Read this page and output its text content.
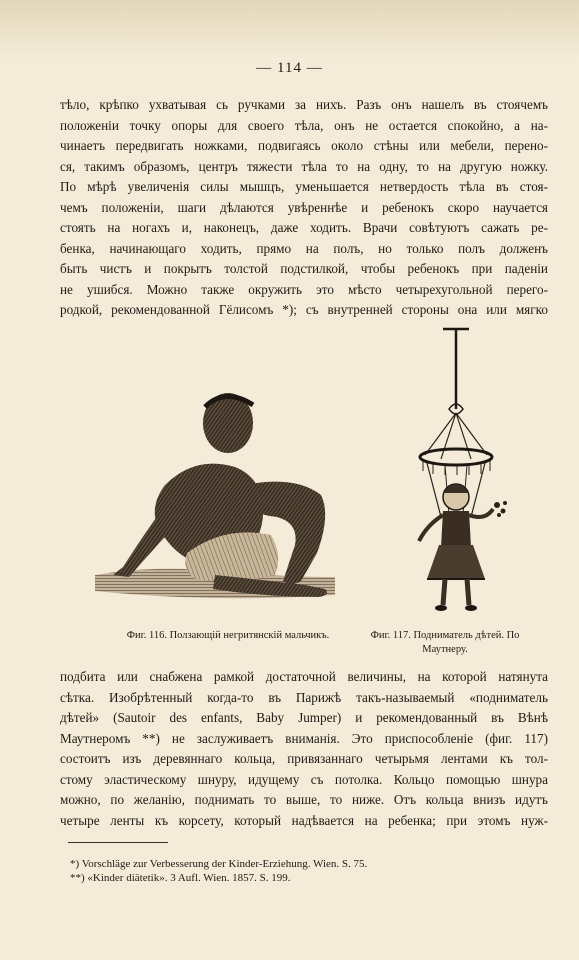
— 114 —
тѣло, крѣпко ухватывая сь ручками за нихъ. Разъ онъ нашелъ въ стоячемъ
положеніи точку опоры для своего тѣла, онъ не остается спокойно, а на-
чинаетъ передвигать ножками, подвигаясь около стѣны или мебели, перено-
ся, такимъ образомъ, центръ тяжести тѣла то на одну, то на другую ножку.
По мѣрѣ увеличенія силы мышцъ, уменьшается нетвердость тѣла въ стоя-
чемъ положеніи, шаги дѣлаются увѣреннѣе и ребенокъ скоро научается
стоять на ногахъ и, наконецъ, даже ходить. Врачи совѣтуютъ сажать ре-
бенка, начинающаго ходить, прямо на полъ, но только полъ долженъ
быть чистъ и покрытъ толстой подстилкой, чтобы ребенокъ при паденіи
не ушибся. Можно также окружить это мѣсто четырехугольной перего-
родкой, рекомендованной Гёлисомъ *); съ внутренней стороны она или мягко
Фиг. 116. Ползающій негритянскій мальчикъ.	Фиг. 117. Подниматель дѣтей. По Маутнеру.
подбита или снабжена рамкой достаточной величины, на которой натянута
сѣтка. Изобрѣтенный когда-то въ Парижѣ такъ-называемый «подниматель
дѣтей» (Sautoir des enfants, Baby Jumper) и рекомендованный въ Вѣнѣ
Маутнеромъ **) не заслуживаетъ вниманія. Это приспособленіе (фиг. 117)
состоитъ изъ деревяннаго кольца, привязаннаго четырьмя лентами къ тол-
стому эластическому шнуру, идущему съ потолка. Кольцо помощью шнура
можно, по желанію, поднимать то выше, то ниже. Отъ кольца внизъ идутъ
четыре ленты къ корсету, который надѣвается на ребенка; при этомъ нуж-
*) Vorschläge zur Verbesserung der Kinder-Erziehung. Wien. S. 75.
**) «Kinder diätetik». 3 Aufl. Wien. 1857. S. 199.
